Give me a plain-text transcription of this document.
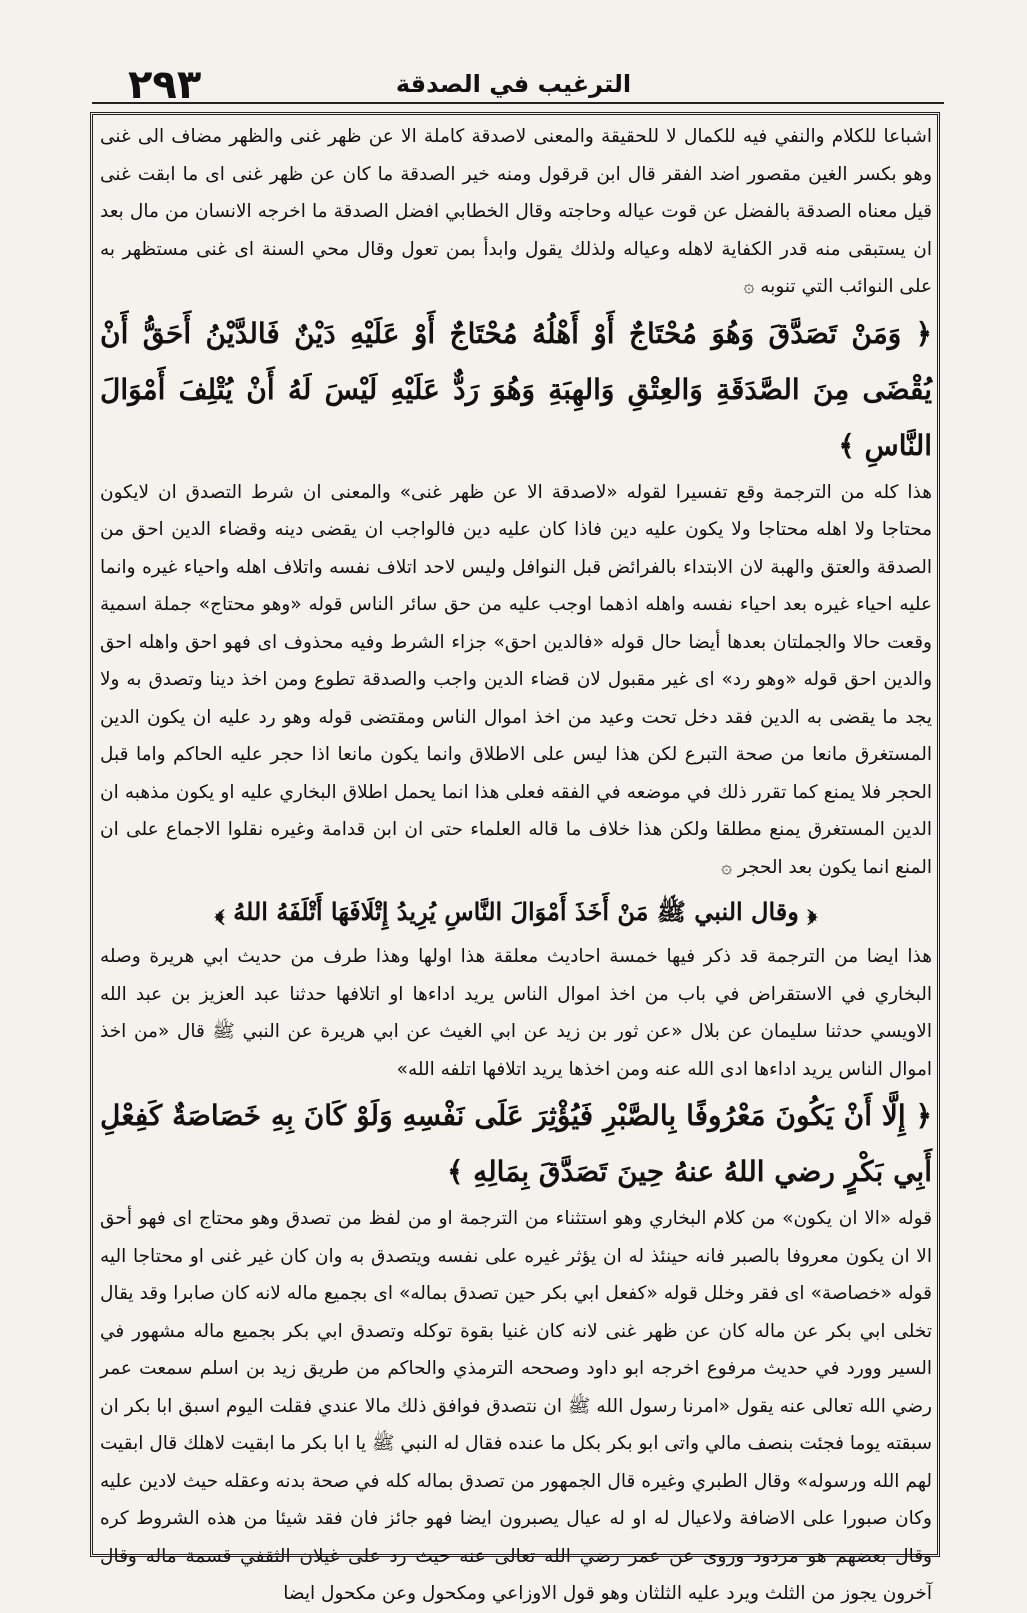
۲۹۳	الترغيب في الصدقة

اشباعا للكلام والنفي فيه للكمال لا للحقيقة والمعنى لاصدقة كاملة الا عن ظهر غنى والظهر مضاف الى غنى وهو بكسر الغين مقصور اضد الفقر قال ابن قرقول ومنه خير الصدقة ما كان عن ظهر غنى اى ما ابقت غنى قيل معناه الصدقة بالفضل عن قوت عياله وحاجته وقال الخطابي افضل الصدقة ما اخرجه الانسان من مال بعد ان يستبقى منه قدر الكفاية لاهله وعياله ولذلك يقول وابدأ بمن تعول وقال محي السنة اى غنى مستظهر به على النوائب التي تنوبه ۞

﴿ وَمَنْ تَصَدَّقَ وَهُوَ مُحْتَاجٌ أَوْ أَهْلُهُ مُحْتَاجٌ أَوْ عَلَيْهِ دَيْنٌ فَالدَّيْنُ أَحَقُّ أَنْ يُقْضَى مِنَ الصَّدَقَةِ وَالعِتْقِ وَالهِبَةِ وَهُوَ رَدٌّ عَلَيْهِ لَيْسَ لَهُ أَنْ يُتْلِفَ أَمْوَالَ النَّاسِ ﴾

هذا كله من الترجمة وقع تفسيرا لقوله «لاصدقة الا عن ظهر غنى» والمعنى ان شرط التصدق ان لايكون محتاجا ولا اهله محتاجا ولا يكون عليه دين فاذا كان عليه دين فالواجب ان يقضى دينه وقضاء الدين احق من الصدقة والعتق والهبة لان الابتداء بالفرائض قبل النوافل وليس لاحد اتلاف نفسه واتلاف اهله واحياء غيره وانما عليه احياء غيره بعد احياء نفسه واهله اذهما اوجب عليه من حق سائر الناس قوله «وهو محتاج» جملة اسمية وقعت حالا والجملتان بعدها أيضا حال قوله «فالدين احق» جزاء الشرط وفيه محذوف اى فهو احق واهله احق والدين احق قوله «وهو رد» اى غير مقبول لان قضاء الدين واجب والصدقة تطوع ومن اخذ دينا وتصدق به ولا يجد ما يقضى به الدين فقد دخل تحت وعيد من اخذ اموال الناس ومقتضى قوله وهو رد عليه ان يكون الدين المستغرق مانعا من صحة التبرع لكن هذا ليس على الاطلاق وانما يكون مانعا اذا حجر عليه الحاكم واما قبل الحجر فلا يمنع كما تقرر ذلك في موضعه في الفقه فعلى هذا انما يحمل اطلاق البخاري عليه او يكون مذهبه ان الدين المستغرق يمنع مطلقا ولكن هذا خلاف ما قاله العلماء حتى ان ابن قدامة وغيره نقلوا الاجماع على ان المنع انما يكون بعد الحجر ۞

﴿ وقال النبي ﷺ مَنْ أَخَذَ أَمْوَالَ النَّاسِ يُرِيدُ إِتْلَافَهَا أَتْلَفَهُ اللهُ ﴾

هذا ايضا من الترجمة قد ذكر فيها خمسة احاديث معلقة هذا اولها وهذا طرف من حديث ابي هريرة وصله البخاري في الاستقراض في باب من اخذ اموال الناس يريد اداءها او اتلافها حدثنا عبد العزيز بن عبد الله الاويسي حدثنا سليمان عن بلال «عن ثور بن زيد عن ابي الغيث عن ابي هريرة عن النبي ﷺ قال «من اخذ اموال الناس يريد اداءها ادى الله عنه ومن اخذها يريد اتلافها اتلفه الله»

﴿ إِلَّا أَنْ يَكُونَ مَعْرُوفًا بِالصَّبْرِ فَيُؤْثِرَ عَلَى نَفْسِهِ وَلَوْ كَانَ بِهِ خَصَاصَةٌ كَفِعْلِ أَبِي بَكْرٍ رضي اللهُ عنهُ حِينَ تَصَدَّقَ بِمَالِهِ ﴾

قوله «الا ان يكون» من كلام البخاري وهو استثناء من الترجمة او من لفظ من تصدق وهو محتاج اى فهو أحق الا ان يكون معروفا بالصبر فانه حينئذ له ان يؤثر غيره على نفسه ويتصدق به وان كان غير غنى او محتاجا اليه قوله «خصاصة» اى فقر وخلل قوله «كفعل ابي بكر حين تصدق بماله» اى بجميع ماله لانه كان صابرا وقد يقال تخلى ابي بكر عن ماله كان عن ظهر غنى لانه كان غنيا بقوة توكله وتصدق ابي بكر بجميع ماله مشهور في السير وورد في حديث مرفوع اخرجه ابو داود وصححه الترمذي والحاكم من طريق زيد بن اسلم سمعت عمر رضي الله تعالى عنه يقول «امرنا رسول الله ﷺ ان نتصدق فوافق ذلك مالا عندي فقلت اليوم اسبق ابا بكر ان سبقته يوما فجئت بنصف مالي واتى ابو بكر بكل ما عنده فقال له النبي ﷺ يا ابا بكر ما ابقيت لاهلك قال ابقيت لهم الله ورسوله» وقال الطبري وغيره قال الجمهور من تصدق بماله كله في صحة بدنه وعقله حيث لادين عليه وكان صبورا على الاضافة ولاعيال له او له عيال يصبرون ايضا فهو جائز فان فقد شيئا من هذه الشروط كره وقال بعضهم هو مردود وروى عن عمر رضي الله تعالى عنه حيث رد على غيلان الثقفي قسمة ماله وقال آخرون يجوز من الثلث ويرد عليه الثلثان وهو قول الاوزاعي ومكحول وعن مكحول ايضا
